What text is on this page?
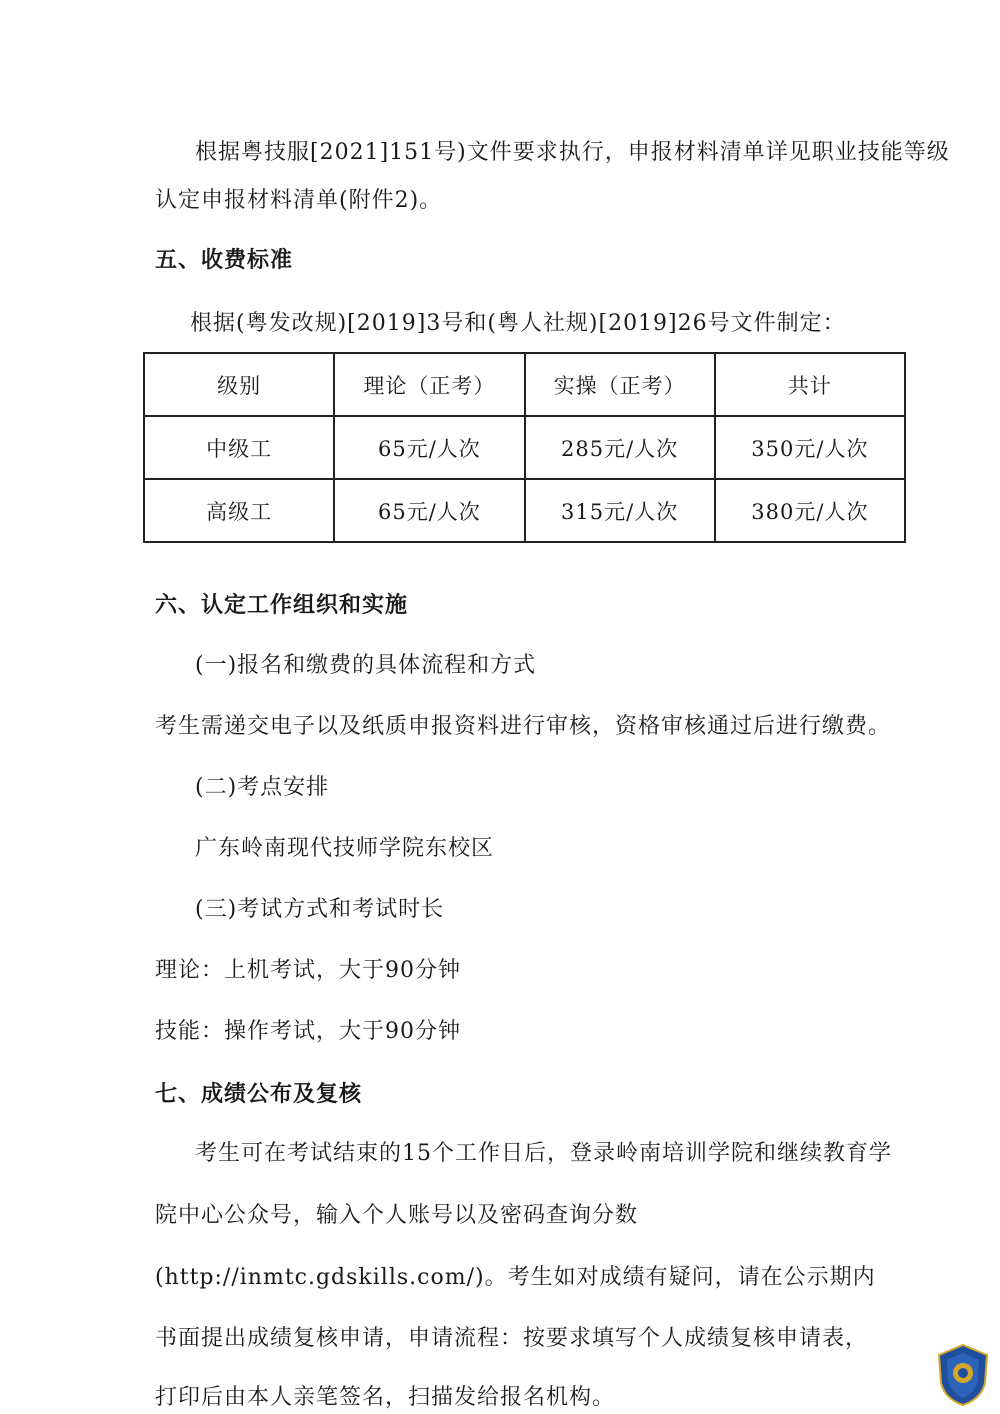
根据粤技服[2021]151号)文件要求执行，申报材料清单详见职业技能等级
认定申报材料清单(附件2)。
五、收费标准
根据(粤发改规)[2019]3号和(粤人社规)[2019]26号文件制定：
级别	理论（正考）	实操（正考）	共计
中级工	65元/人次	285元/人次	350元/人次
高级工	65元/人次	315元/人次	380元/人次
六、认定工作组织和实施
(一)报名和缴费的具体流程和方式
考生需递交电子以及纸质申报资料进行审核，资格审核通过后进行缴费。
(二)考点安排
广东岭南现代技师学院东校区
(三)考试方式和考试时长
理论：上机考试，大于90分钟
技能：操作考试，大于90分钟
七、成绩公布及复核
考生可在考试结束的15个工作日后，登录岭南培训学院和继续教育学
院中心公众号，输入个人账号以及密码查询分数
(http://inmtc.gdskills.com/)。考生如对成绩有疑问，请在公示期内
书面提出成绩复核申请，申请流程：按要求填写个人成绩复核申请表，
打印后由本人亲笔签名，扫描发给报名机构。
